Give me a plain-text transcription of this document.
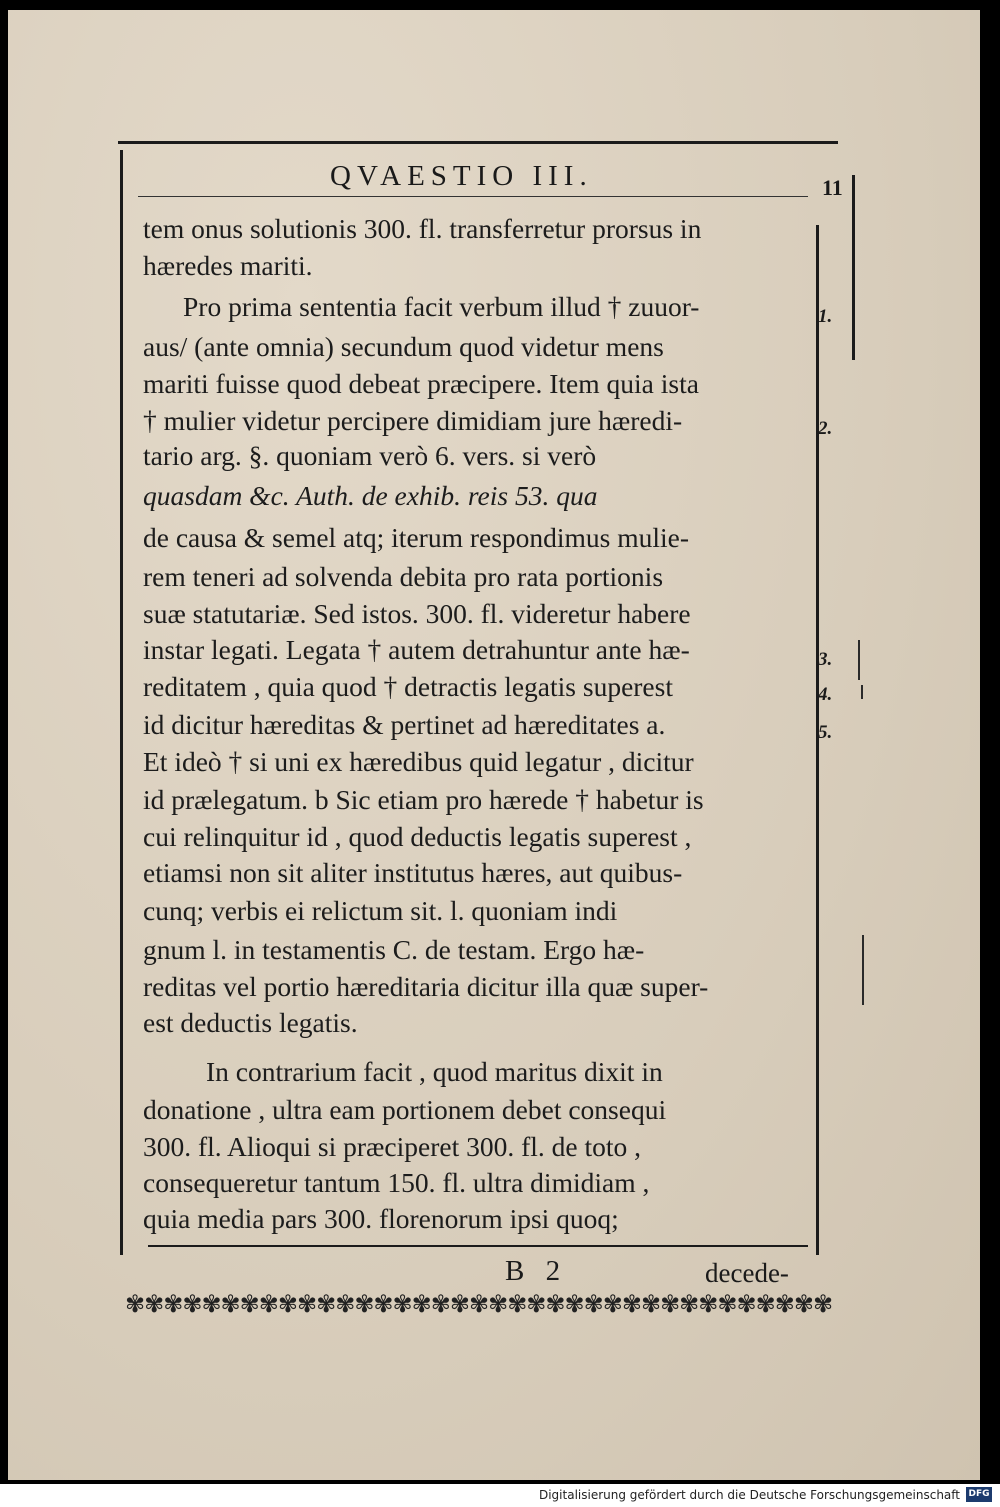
QVAESTIO III.	11
tem onus solutionis 300. fl. transferretur prorsus in
hæredes mariti.
Pro prima sententia facit verbum illud † zuuor-
aus/ (ante omnia) secundum quod videtur mens
mariti fuisse quod debeat præcipere. Item quia ista
† mulier videtur percipere dimidiam jure hæredi-
tario arg. §. quoniam verò 6. vers. si verò
quasdam &c. Auth. de exhib. reis 53. qua
de causa & semel atq; iterum respondimus mulie-
rem teneri ad solvenda debita pro rata portionis
suæ statutariæ. Sed istos. 300. fl. videretur habere
instar legati. Legata † autem detrahuntur ante hæ-
reditatem , quia quod † detractis legatis superest
id dicitur hæreditas & pertinet ad hæreditates a.
Et ideò † si uni ex hæredibus quid legatur , dicitur
id prælegatum. b Sic etiam pro hærede † habetur is
cui relinquitur id , quod deductis legatis superest ,
etiamsi non sit aliter institutus hæres, aut quibus-
cunq; verbis ei relictum sit. l. quoniam indi
gnum l. in testamentis C. de testam. Ergo hæ-
reditas vel portio hæreditaria dicitur illa quæ super-
est deductis legatis.
In contrarium facit , quod maritus dixit in
donatione , ultra eam portionem debet consequi
300. fl. Alioqui si præciperet 300. fl. de toto ,
consequeretur tantum 150. fl. ultra dimidiam ,
quia media pars 300. florenorum ipsi quoq;
1.
2.
3.
4.
5.
B 2	decede-
✾✾✾✾✾✾✾✾✾✾✾✾✾✾✾✾✾✾✾✾✾✾✾✾✾✾✾✾✾✾✾✾✾✾✾✾✾
Digitalisierung gefördert durch die Deutsche Forschungsgemeinschaft DFG
